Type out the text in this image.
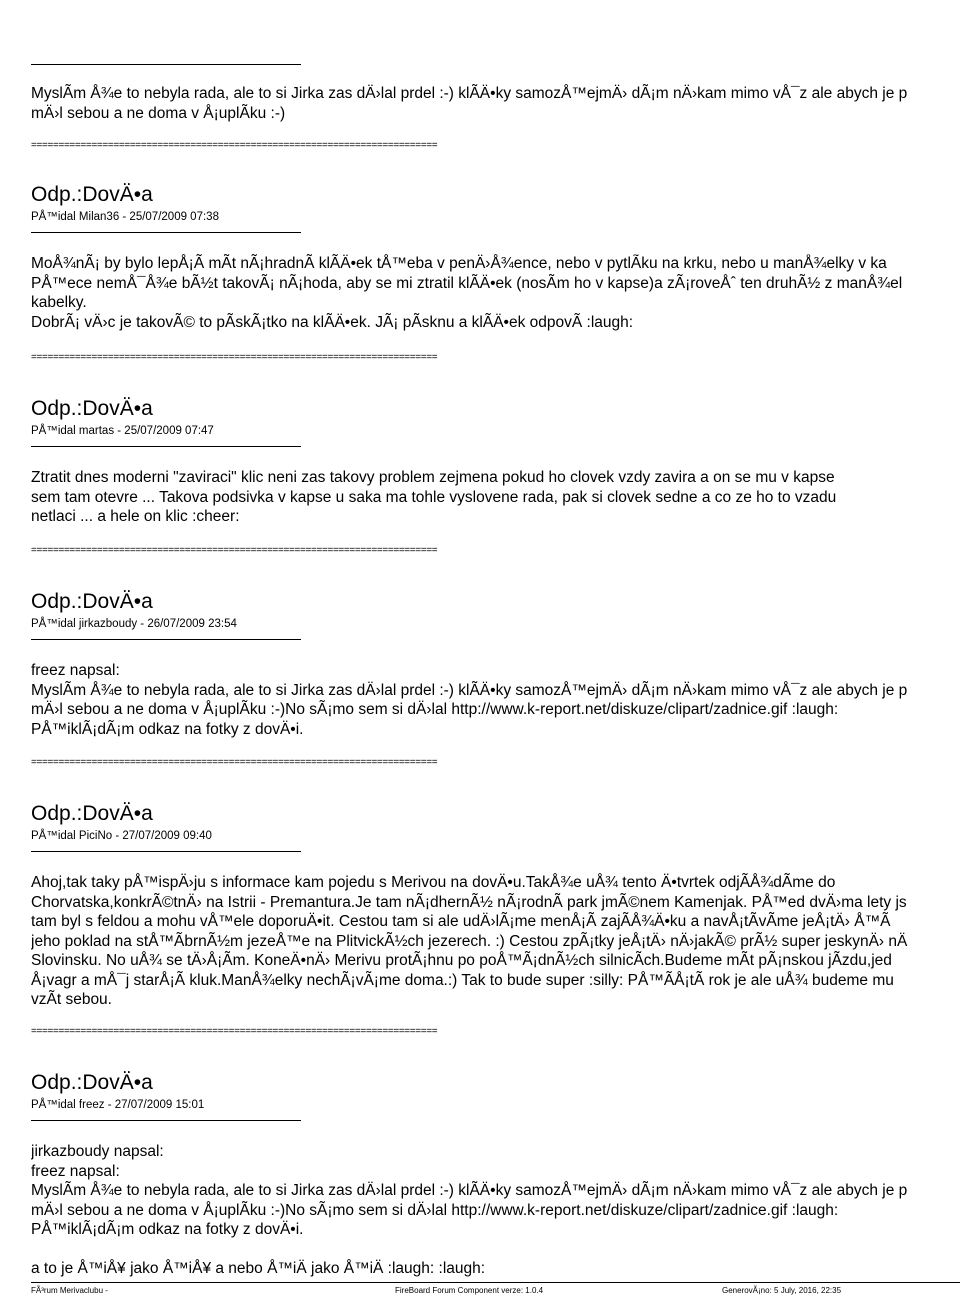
MyslÃm Å¾e to nebyla rada, ale to si Jirka zas dÄ›lal prdel :-) klÃÄ•ky samozÅ™ejmÄ› dÃ¡m nÄ›kam mimo vÅ¯z ale abych je p
mÄ›l sebou a ne doma v Å¡uplÃku :-)
==========================================================================
Odp.:DovÄ•a
PÅ™idal Milan36 - 25/07/2009 07:38
MoÅ¾nÃ¡ by bylo lepÅ¡Ã mÃt nÃ¡hradnÃ klÃÄ•ek tÅ™eba v penÄ›Å¾ence, nebo v pytlÃku na krku, nebo u manÅ¾elky v ka
PÅ™ece nemÅ¯Å¾e bÃ½t takovÃ¡ nÃ¡hoda, aby se mi ztratil klÃÄ•ek (nosÃm ho v kapse)a zÃ¡roveÅˆ ten druhÃ½ z manÅ¾el
kabelky.
DobrÃ¡ vÄ›c je takovÃ© to pÃskÃ¡tko na klÃÄ•ek. JÃ¡ pÃsknu a klÃÄ•ek odpovÃ :laugh:
==========================================================================
Odp.:DovÄ•a
PÅ™idal martas - 25/07/2009 07:47
Ztratit dnes moderni "zaviraci" klic neni zas takovy problem zejmena pokud ho clovek vzdy zavira a on se mu v kapse
sem tam otevre ... Takova podsivka v kapse u saka ma tohle vyslovene rada, pak si clovek sedne a co ze ho to vzadu
netlaci ... a hele on klic :cheer:
==========================================================================
Odp.:DovÄ•a
PÅ™idal jirkazboudy - 26/07/2009 23:54
freez napsal:
MyslÃm Å¾e to nebyla rada, ale to si Jirka zas dÄ›lal prdel :-) klÃÄ•ky samozÅ™ejmÄ› dÃ¡m nÄ›kam mimo vÅ¯z ale abych je p
mÄ›l sebou a ne doma v Å¡uplÃku :-)No sÃ¡mo sem si dÄ›lal http://www.k-report.net/diskuze/clipart/zadnice.gif :laugh:
PÅ™iklÃ¡dÃ¡m odkaz na fotky z dovÄ•i.
==========================================================================
Odp.:DovÄ•a
PÅ™idal PiciNo - 27/07/2009 09:40
Ahoj,tak taky pÅ™ispÄ›ju s informace kam pojedu s Merivou na dovÄ•u.TakÅ¾e uÅ¾ tento Ä•tvrtek odjÃÅ¾dÃme do
Chorvatska,konkrÃ©tnÄ› na Istrii - Premantura.Je tam nÃ¡dhernÃ½ nÃ¡rodnÃ park jmÃ©nem Kamenjak. PÅ™ed dvÄ›ma lety js
tam byl s feldou a mohu vÅ™ele doporuÄ•it. Cestou tam si ale udÄ›lÃ¡me menÅ¡Ã zajÃÅ¾Ä•ku a navÅ¡tÃvÃme jeÅ¡tÄ› Å™Ã
jeho poklad na stÅ™ÃbrnÃ½m jezeÅ™e na PlitvickÃ½ch jezerech. :) Cestou zpÃ¡tky jeÅ¡tÄ› nÄ›jakÃ© prÃ½ super jeskynÄ› nÄ
Slovinsku. No uÅ¾ se tÄ›Å¡Ãm. KoneÄ•nÄ› Merivu protÃ¡hnu po poÅ™Ã¡dnÃ½ch silnicÃch.Budeme mÃt pÃ¡nskou jÃzdu,jed
Å¡vagr a mÅ¯j starÅ¡Ã kluk.ManÅ¾elky nechÃ¡vÃ¡me doma.:) Tak to bude super :silly: PÅ™ÃÅ¡tÃ rok je ale uÅ¾ budeme mu
vzÃt sebou.
==========================================================================
Odp.:DovÄ•a
PÅ™idal freez - 27/07/2009 15:01
jirkazboudy napsal:
freez napsal:
MyslÃm Å¾e to nebyla rada, ale to si Jirka zas dÄ›lal prdel :-) klÃÄ•ky samozÅ™ejmÄ› dÃ¡m nÄ›kam mimo vÅ¯z ale abych je p
mÄ›l sebou a ne doma v Å¡uplÃku :-)No sÃ¡mo sem si dÄ›lal http://www.k-report.net/diskuze/clipart/zadnice.gif :laugh:
PÅ™iklÃ¡dÃ¡m odkaz na fotky z dovÄ•i.
a to je Å™iÅ¥ jako Å™iÅ¥ a nebo Å™iÄ jako Å™iÄ :laugh: :laugh:
FÃ³rum Merivaclubu -	FireBoard Forum Component verze: 1.0.4	GenerovÃ¡no: 5 July, 2016, 22:35
